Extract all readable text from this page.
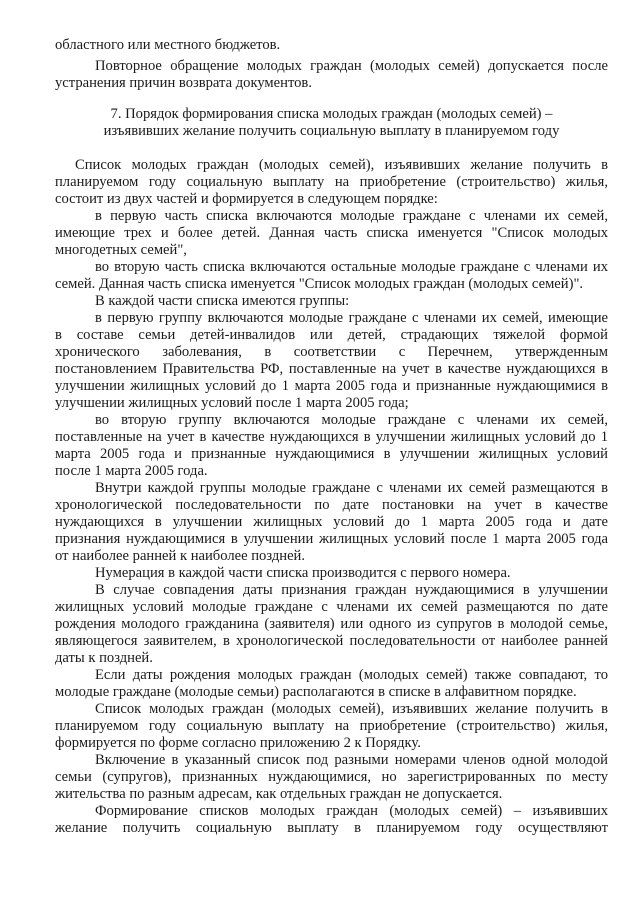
областного или местного бюджетов.
Повторное обращение молодых граждан (молодых семей) допускается после
устранения причин возврата документов.
7. Порядок формирования списка молодых граждан (молодых семей) –
изъявивших желание получить социальную выплату в планируемом году
Список молодых граждан (молодых семей), изъявивших желание получить в
планируемом году социальную выплату на приобретение (строительство) жилья,
состоит из двух частей и формируется в следующем порядке:
в первую часть списка включаются молодые граждане с членами их семей,
имеющие трех и более детей. Данная часть списка именуется "Список молодых
многодетных семей",
во вторую часть списка включаются остальные молодые граждане с членами их
семей. Данная часть списка именуется "Список молодых граждан (молодых семей)".
В каждой части списка имеются группы:
в первую группу включаются молодые граждане с членами их семей, имеющие
в составе семьи детей-инвалидов или детей, страдающих тяжелой формой
хронического заболевания, в соответствии с Перечнем, утвержденным
постановлением Правительства РФ, поставленные на учет в качестве нуждающихся в
улучшении жилищных условий до 1 марта 2005 года и признанные нуждающимися в
улучшении жилищных условий после 1 марта 2005 года;
во вторую группу включаются молодые граждане с членами их семей,
поставленные на учет в качестве нуждающихся в улучшении жилищных условий до 1
марта 2005 года и признанные нуждающимися в улучшении жилищных условий
после 1 марта 2005 года.
Внутри каждой группы молодые граждане с членами их семей размещаются в
хронологической последовательности по дате постановки на учет в качестве
нуждающихся в улучшении жилищных условий до 1 марта 2005 года и дате
признания нуждающимися в улучшении жилищных условий после 1 марта 2005 года
от наиболее ранней к наиболее поздней.
Нумерация в каждой части списка производится с первого номера.
В случае совпадения даты признания граждан нуждающимися в улучшении
жилищных условий молодые граждане с членами их семей размещаются по дате
рождения молодого гражданина (заявителя) или одного из супругов в молодой семье,
являющегося заявителем, в хронологической последовательности от наиболее ранней
даты к поздней.
Если даты рождения молодых граждан (молодых семей) также совпадают, то
молодые граждане (молодые семьи) располагаются в списке в алфавитном порядке.
Список молодых граждан (молодых семей), изъявивших желание получить в
планируемом году социальную выплату на приобретение (строительство) жилья,
формируется по форме согласно приложению 2 к Порядку.
Включение в указанный список под разными номерами членов одной молодой
семьи (супругов), признанных нуждающимися, но зарегистрированных по месту
жительства по разным адресам, как отдельных граждан не допускается.
Формирование списков молодых граждан (молодых семей) – изъявивших
желание получить социальную выплату в планируемом году осуществляют
